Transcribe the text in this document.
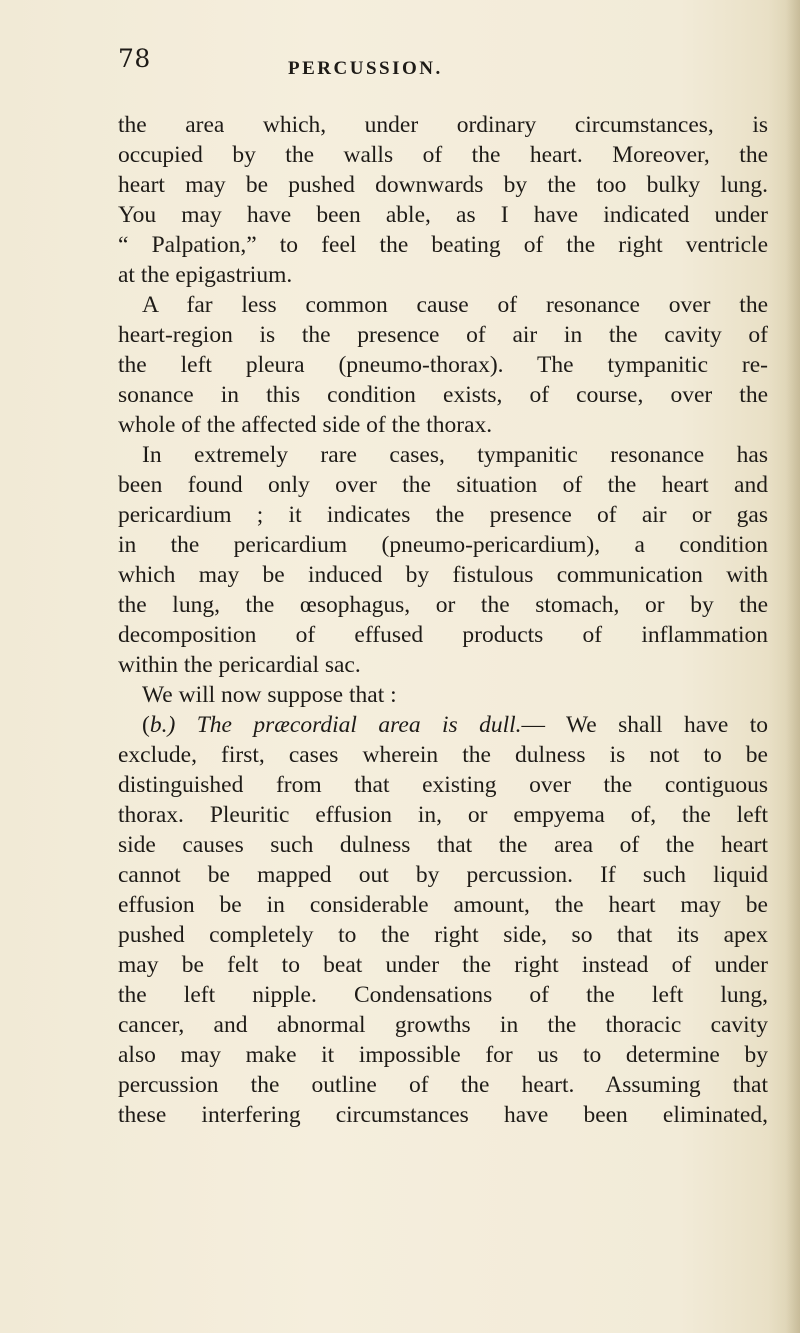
78	PERCUSSION.
the area which, under ordinary circumstances, is
occupied by the walls of the heart. Moreover, the
heart may be pushed downwards by the too bulky lung.
You may have been able, as I have indicated under
“ Palpation,” to feel the beating of the right ventricle
at the epigastrium.
A far less common cause of resonance over the
heart-region is the presence of air in the cavity of
the left pleura (pneumo-thorax). The tympanitic re-
sonance in this condition exists, of course, over the
whole of the affected side of the thorax.
In extremely rare cases, tympanitic resonance has
been found only over the situation of the heart and
pericardium ; it indicates the presence of air or gas
in the pericardium (pneumo-pericardium), a condition
which may be induced by fistulous communication with
the lung, the œsophagus, or the stomach, or by the
decomposition of effused products of inflammation
within the pericardial sac.
We will now suppose that :
(b.) The præcordial area is dull.— We shall have to
exclude, first, cases wherein the dulness is not to be
distinguished from that existing over the contiguous
thorax. Pleuritic effusion in, or empyema of, the left
side causes such dulness that the area of the heart
cannot be mapped out by percussion. If such liquid
effusion be in considerable amount, the heart may be
pushed completely to the right side, so that its apex
may be felt to beat under the right instead of under
the left nipple. Condensations of the left lung,
cancer, and abnormal growths in the thoracic cavity
also may make it impossible for us to determine by
percussion the outline of the heart. Assuming that
these interfering circumstances have been eliminated,
